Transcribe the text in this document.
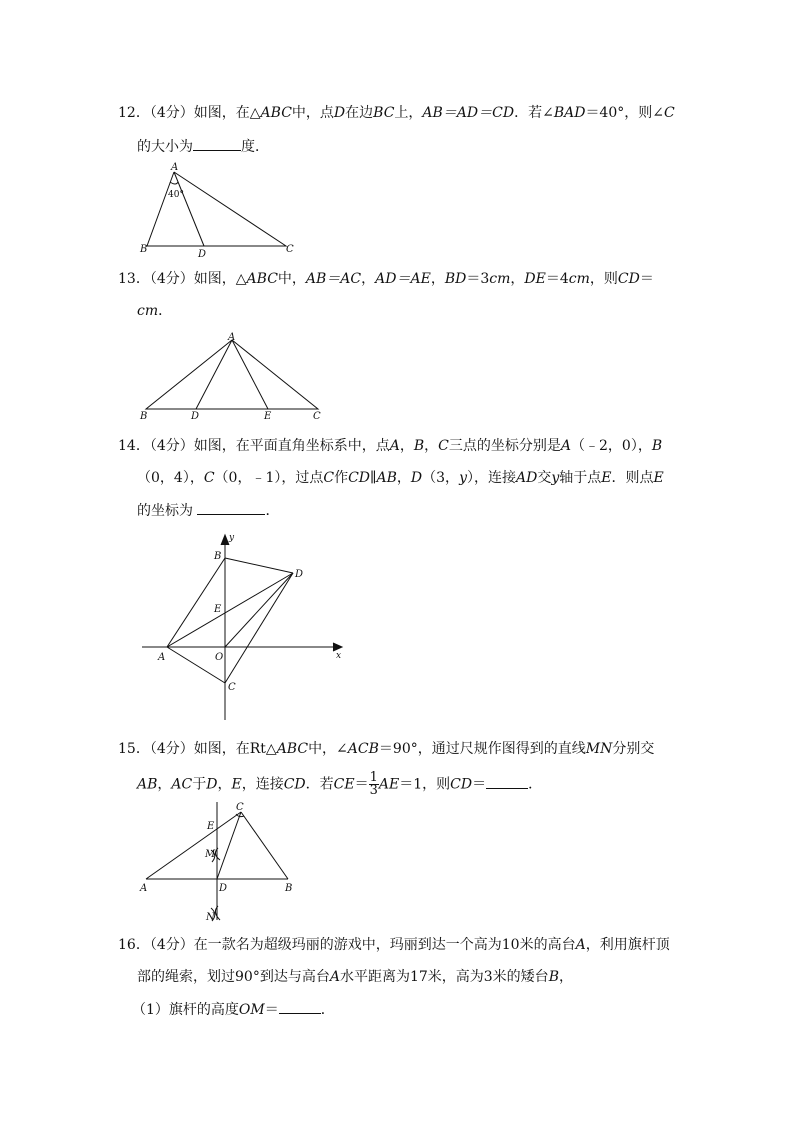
12．（4分）如图，在△ABC中，点D在边BC上，AB＝AD＝CD．若∠BAD＝40°，则∠C
的大小为	度．
A
40°
B	D	C
13．（4分）如图，△ABC中，AB＝AC，AD＝AE，BD＝3cm，DE＝4cm，则CD＝
cm．
A
B	D	E	C
14．（4分）如图，在平面直角坐标系中，点A，B，C三点的坐标分别是A（﹣2，0），B
（0，4），C（0，﹣1），过点C作CD∥AB，D（3，y），连接AD交y轴于点E．则点E
的坐标为	．
y
B
D
E
A	O	x
C
15．（4分）如图，在Rt△ABC中，∠ACB＝90°，通过尺规作图得到的直线MN分别交
AB，AC于D，E，连接CD．若$CE= \frac{1}{3} AE=1$，则CD＝	．
C
E
M
A	D	B
N
16．（4分）在一款名为超级玛丽的游戏中，玛丽到达一个高为10米的高台A，利用旗杆顶
部的绳索，划过90°到达与高台A水平距离为17米，高为3米的矮台B，
（1）旗杆的高度OM＝	．
